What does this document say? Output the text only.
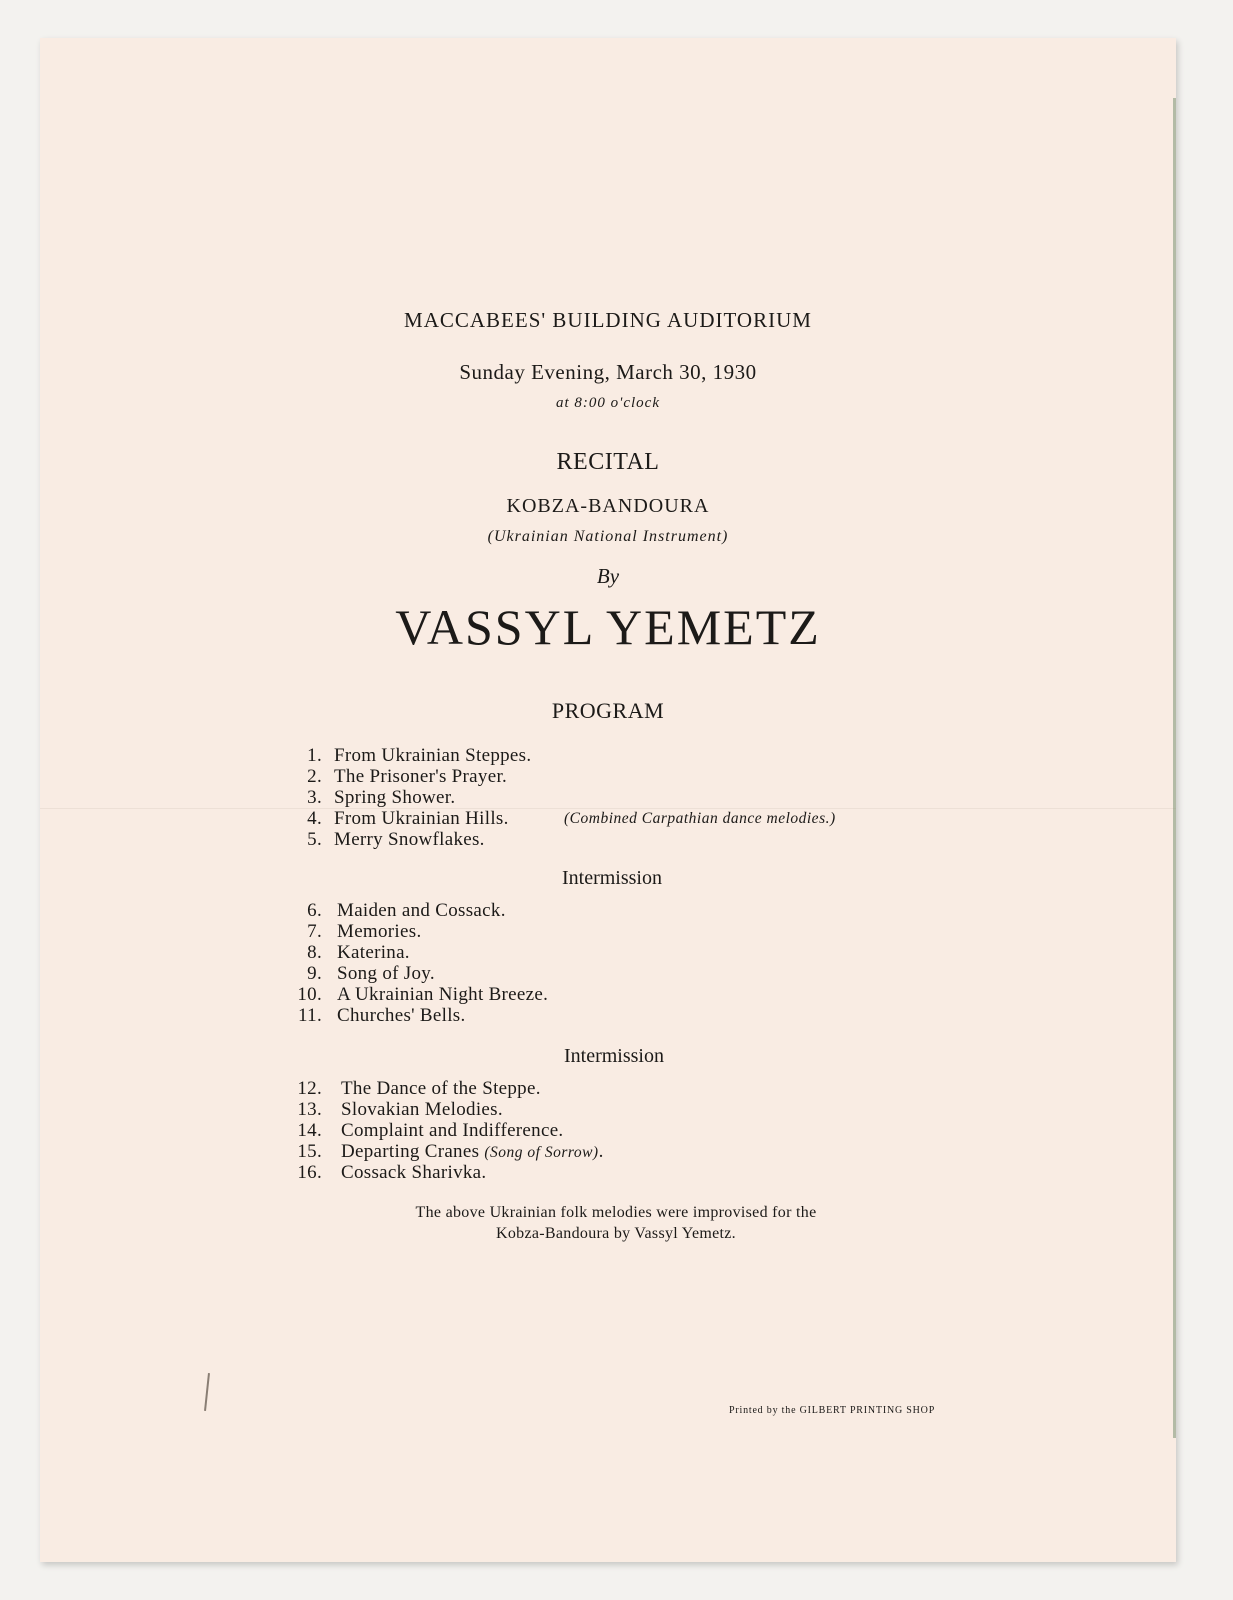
MACCABEES' BUILDING AUDITORIUM
Sunday Evening, March 30, 1930
at 8:00 o'clock
RECITAL
KOBZA-BANDOURA
(Ukrainian National Instrument)
By
VASSYL YEMETZ
PROGRAM
1. From Ukrainian Steppes.
2. The Prisoner's Prayer.
3. Spring Shower.
4. From Ukrainian Hills.	(Combined Carpathian dance melodies.)
5. Merry Snowflakes.
Intermission
6. Maiden and Cossack.
7. Memories.
8. Katerina.
9. Song of Joy.
10. A Ukrainian Night Breeze.
11. Churches' Bells.
Intermission
12. The Dance of the Steppe.
13. Slovakian Melodies.
14. Complaint and Indifference.
15. Departing Cranes (Song of Sorrow).
16. Cossack Sharivka.
The above Ukrainian folk melodies were improvised for the
Kobza-Bandoura by Vassyl Yemetz.
Printed by the GILBERT PRINTING SHOP
